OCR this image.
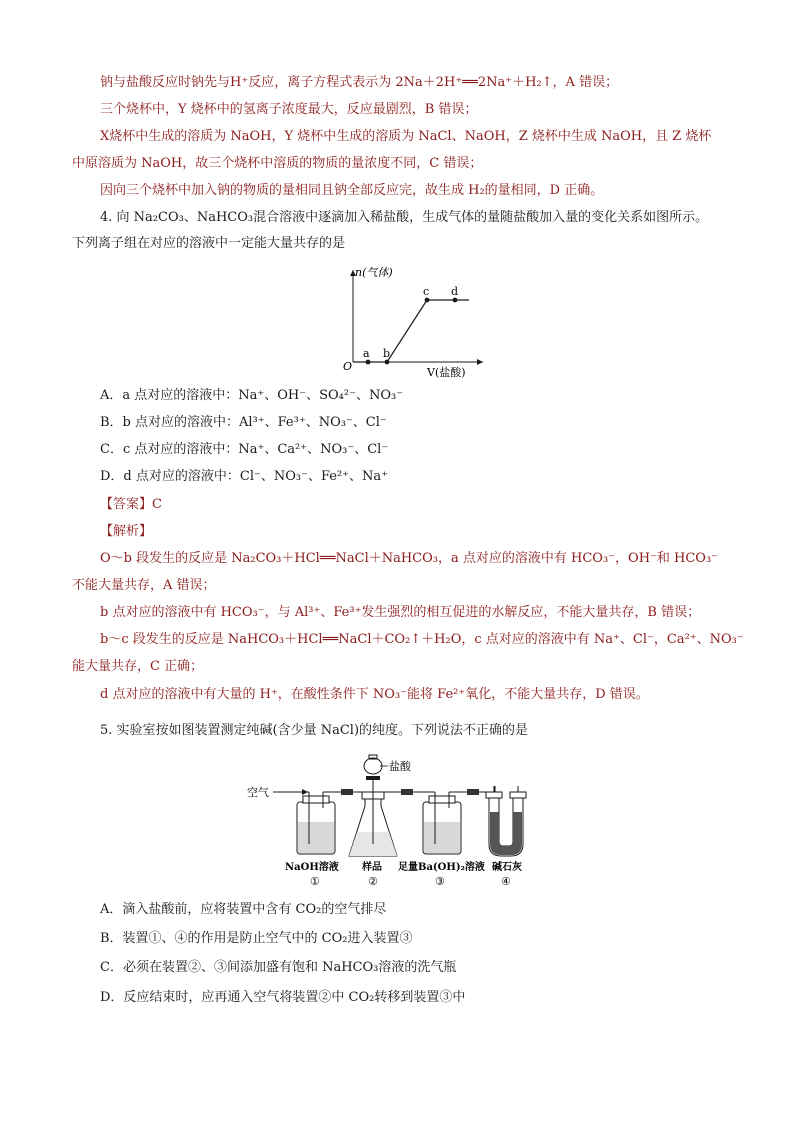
钠与盐酸反应时钠先与H⁺反应，离子方程式表示为 2Na＋2H⁺══2Na⁺＋H₂↑，A 错误；
三个烧杯中，Y 烧杯中的氢离子浓度最大，反应最剧烈，B 错误；
X烧杯中生成的溶质为 NaOH，Y 烧杯中生成的溶质为 NaCl、NaOH，Z 烧杯中生成 NaOH，且 Z 烧杯
中原溶质为 NaOH，故三个烧杯中溶质的物质的量浓度不同，C 错误；
因向三个烧杯中加入钠的物质的量相同且钠全部反应完，故生成 H₂的量相同，D 正确。
4. 向 Na₂CO₃、NaHCO₃混合溶液中逐滴加入稀盐酸，生成气体的量随盐酸加入量的变化关系如图所示。
下列离子组在对应的溶液中一定能大量共存的是
n(气体)
V(盐酸)
O
a b
c d
A．a 点对应的溶液中：Na⁺、OH⁻、SO₄²⁻、NO₃⁻
B．b 点对应的溶液中：Al³⁺、Fe³⁺、NO₃⁻、Cl⁻
C．c 点对应的溶液中：Na⁺、Ca²⁺、NO₃⁻、Cl⁻
D．d 点对应的溶液中：Cl⁻、NO₃⁻、Fe²⁺、Na⁺
【答案】C
【解析】
O～b 段发生的反应是 Na₂CO₃＋HCl══NaCl＋NaHCO₃，a 点对应的溶液中有 HCO₃⁻，OH⁻和 HCO₃⁻
不能大量共存，A 错误；
b 点对应的溶液中有 HCO₃⁻，与 Al³⁺、Fe³⁺发生强烈的相互促进的水解反应，不能大量共存，B 错误；
b～c 段发生的反应是 NaHCO₃＋HCl══NaCl＋CO₂↑＋H₂O，c 点对应的溶液中有 Na⁺、Cl⁻，Ca²⁺、NO₃⁻
能大量共存，C 正确；
d 点对应的溶液中有大量的 H⁺，在酸性条件下 NO₃⁻能将 Fe²⁺氧化，不能大量共存，D 错误。
5. 实验室按如图装置测定纯碱(含少量 NaCl)的纯度。下列说法不正确的是
空气
盐酸
NaOH溶液 样品 足量Ba(OH)₂溶液 碱石灰
①	②	③	④
A．滴入盐酸前，应将装置中含有 CO₂的空气排尽
B．装置①、④的作用是防止空气中的 CO₂进入装置③
C．必须在装置②、③间添加盛有饱和 NaHCO₃溶液的洗气瓶
D．反应结束时，应再通入空气将装置②中 CO₂转移到装置③中
